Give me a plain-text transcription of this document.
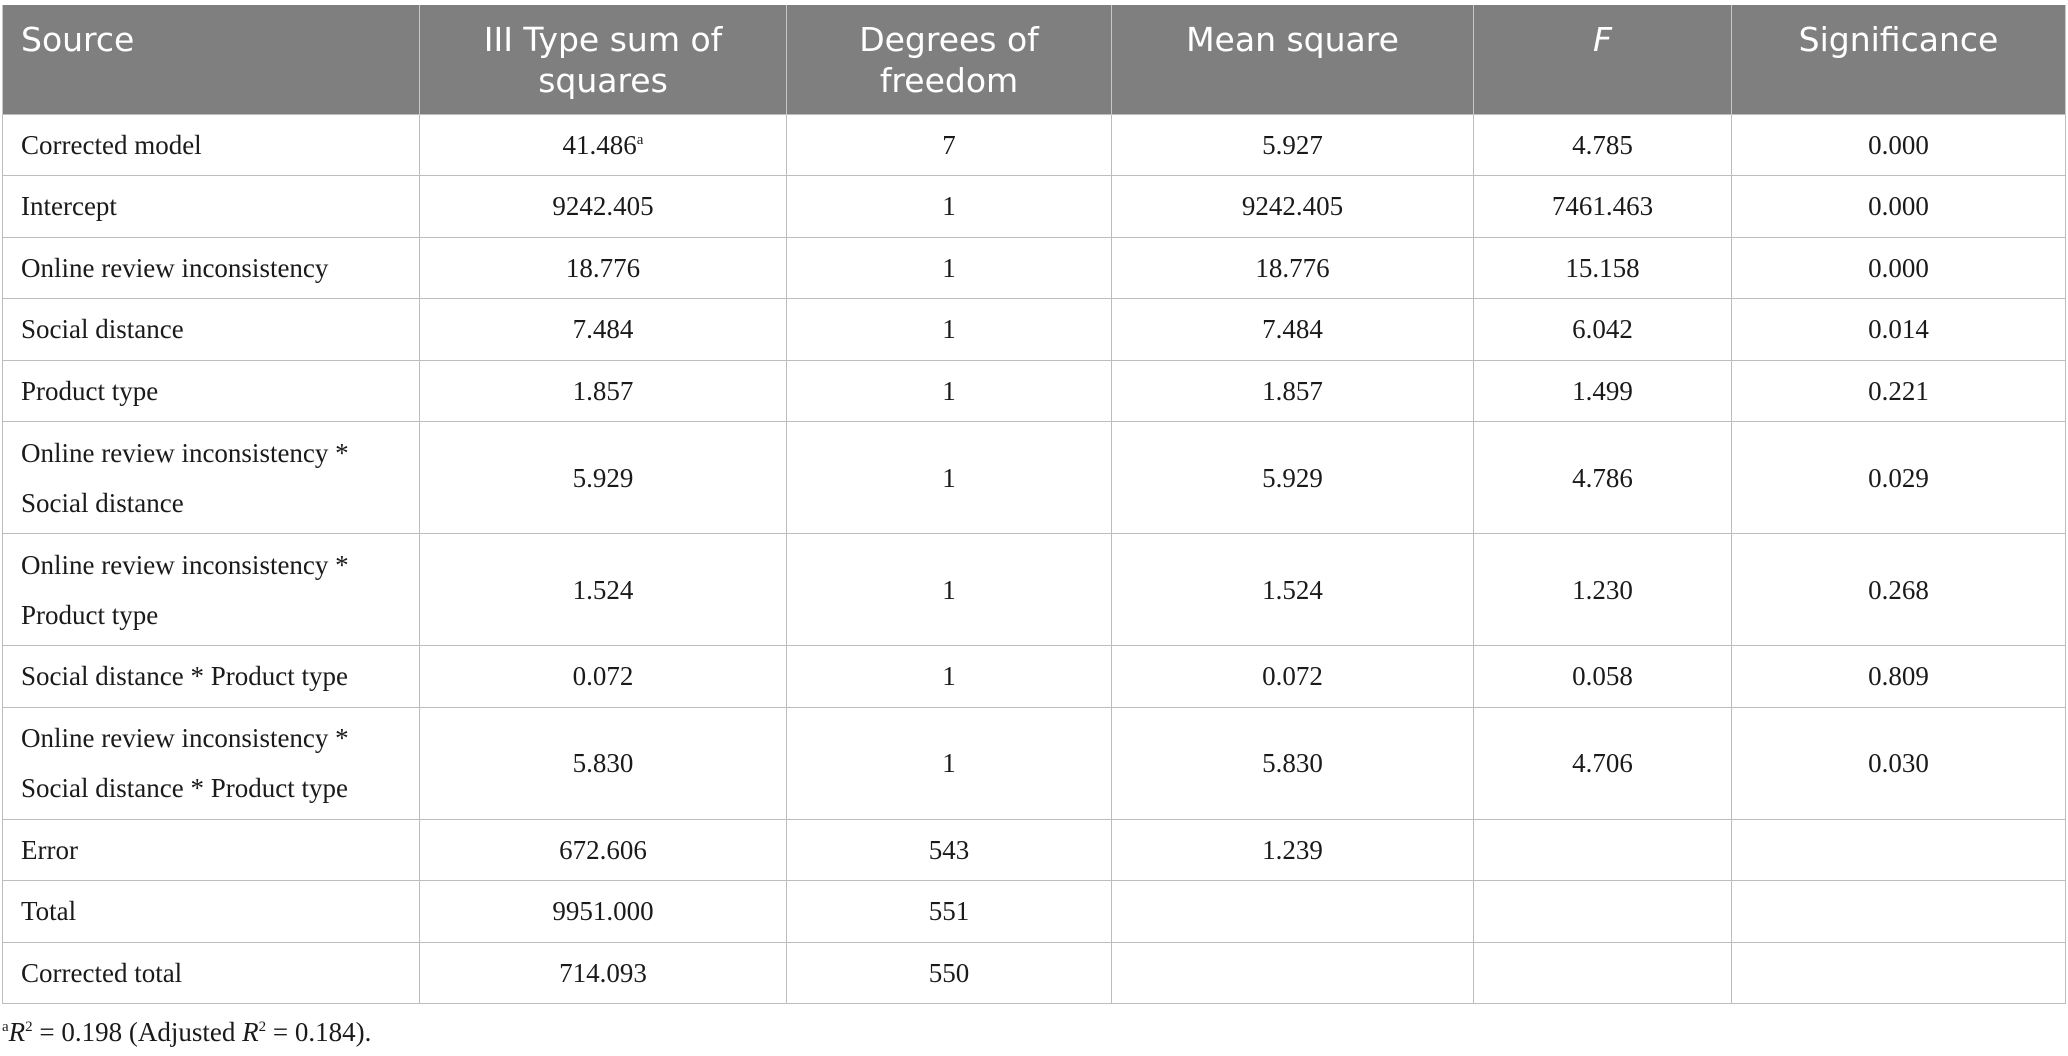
Source	III Type sum of squares	Degrees of freedom	Mean square	F	Significance
Corrected model	41.486$^a$	7	5.927	4.785	0.000
Intercept	9242.405	1	9242.405	7461.463	0.000
Online review inconsistency	18.776	1	18.776	15.158	0.000
Social distance	7.484	1	7.484	6.042	0.014
Product type	1.857	1	1.857	1.499	0.221

Online review inconsistency *
Social distance	5.929	1	5.929	4.786	0.029

Online review inconsistency *
Product type	1.524	1	1.524	1.230	0.268
Social distance * Product type	0.072	1	0.072	0.058	0.809

Online review inconsistency *
Social distance * Product type	5.830	1	5.830	4.706	0.030
Error	672.606	543	1.239		
Total	9951.000	551			
Corrected total	714.093	550			
$^aR^2 = 0.198$ (Adjusted $R^2 = 0.184$).
